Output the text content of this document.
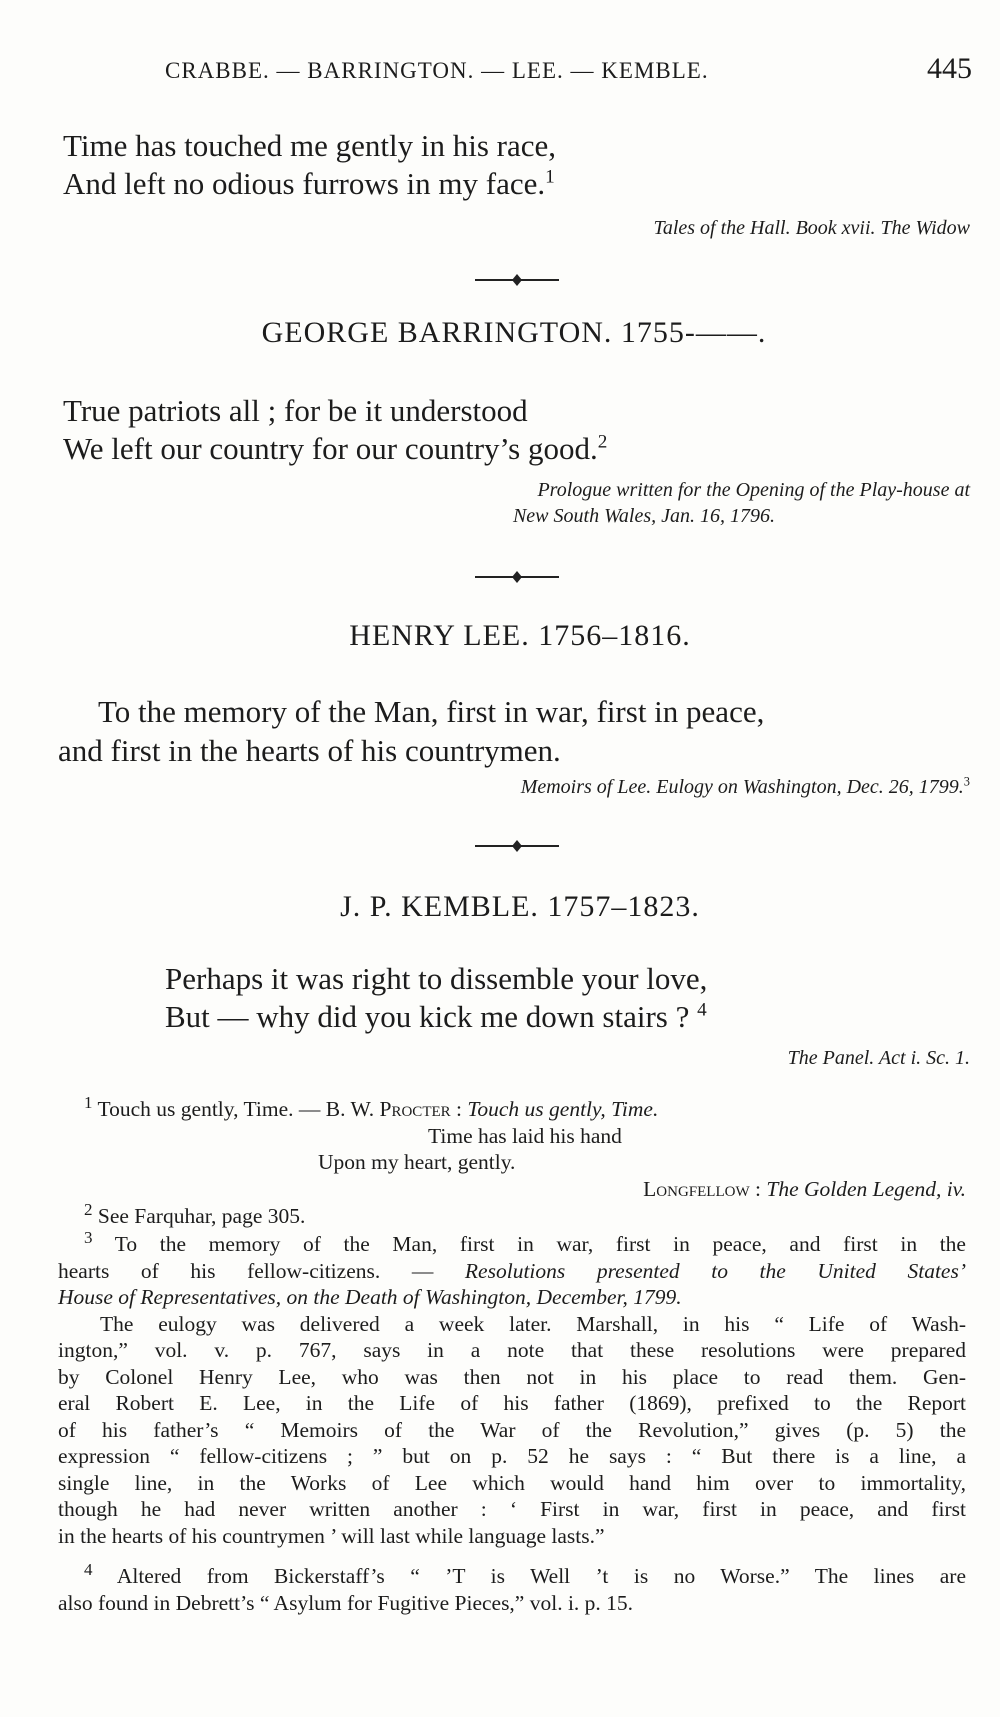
CRABBE. — BARRINGTON. — LEE. — KEMBLE.	445
Time has touched me gently in his race,
And left no odious furrows in my face.$^1$
Tales of the Hall. Book xvii. The Widow
GEORGE BARRINGTON. 1755-——.
True patriots all ; for be it understood
We left our country for our country’s good.$^2$
Prologue written for the Opening of the Play-house at
New South Wales, Jan. 16, 1796.
HENRY LEE. 1756–1816.
To the memory of the Man, first in war, first in peace,
and first in the hearts of his countrymen.
Memoirs of Lee. Eulogy on Washington, Dec. 26, 1799.$^3$
J. P. KEMBLE. 1757–1823.
Perhaps it was right to dissemble your love,
But — why did you kick me down stairs ? $^4$
The Panel. Act i. Sc. 1.
$^1$ Touch us gently, Time. — B. W. Procter : Touch us gently, Time.
Time has laid his hand
Upon my heart, gently.
Longfellow : The Golden Legend, iv.
$^2$ See Farquhar, page 305.
$^3$ To the memory of the Man, first in war, first in peace, and first in the
hearts of his fellow-citizens. — Resolutions presented to the United States’
House of Representatives, on the Death of Washington, December, 1799.
The eulogy was delivered a week later. Marshall, in his “ Life of Wash-
ington,” vol. v. p. 767, says in a note that these resolutions were prepared
by Colonel Henry Lee, who was then not in his place to read them. Gen-
eral Robert E. Lee, in the Life of his father (1869), prefixed to the Report
of his father’s “ Memoirs of the War of the Revolution,” gives (p. 5) the
expression “ fellow-citizens ; ” but on p. 52 he says : “ But there is a line, a
single line, in the Works of Lee which would hand him over to immortality,
though he had never written another : ‘ First in war, first in peace, and first
in the hearts of his countrymen ’ will last while language lasts.”
$^4$ Altered from Bickerstaff’s “ ’T is Well ’t is no Worse.” The lines are
also found in Debrett’s “ Asylum for Fugitive Pieces,” vol. i. p. 15.
